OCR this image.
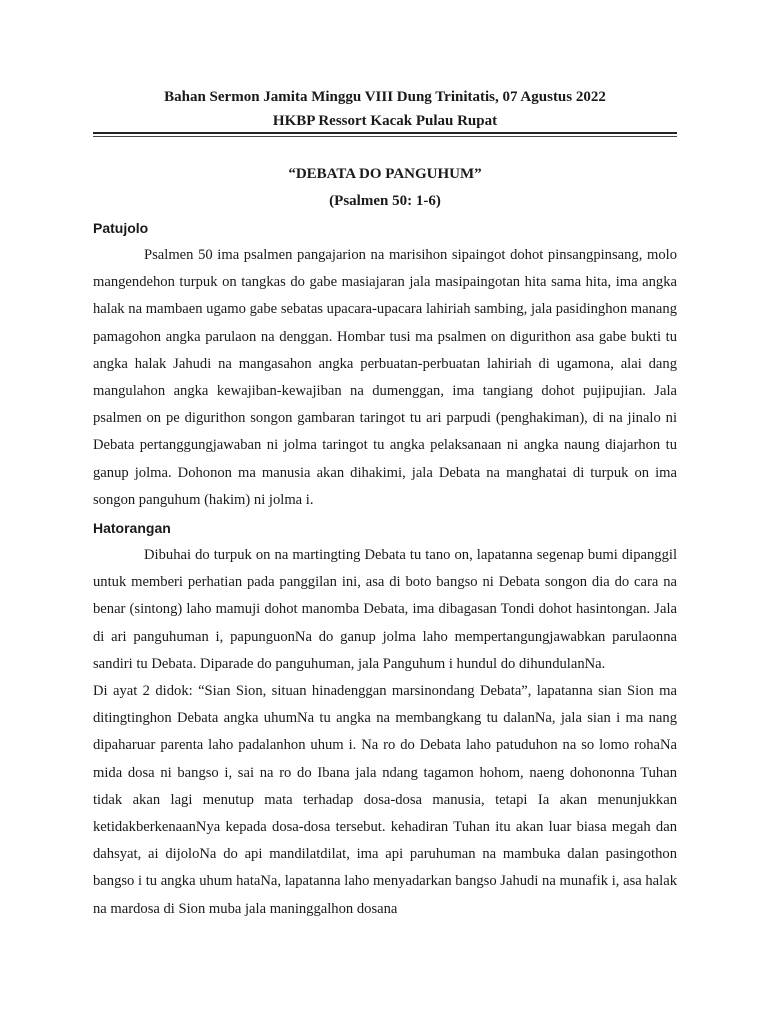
Bahan Sermon Jamita Minggu VIII Dung Trinitatis, 07 Agustus 2022

HKBP Ressort Kacak Pulau Rupat

“DEBATA DO PANGUHUM”

(Psalmen 50: 1-6)

Patujolo

Psalmen 50 ima psalmen pangajarion na marisihon sipaingot dohot pinsangpinsang, molo mangendehon turpuk on tangkas do gabe masiajaran jala masipaingotan hita sama hita, ima angka halak na mambaen ugamo gabe sebatas upacara-upacara lahiriah sambing, jala pasidinghon manang pamagohon angka parulaon na denggan. Hombar tusi ma psalmen on digurithon asa gabe bukti tu angka halak Jahudi na mangasahon angka perbuatan-perbuatan lahiriah di ugamona, alai dang mangulahon angka kewajiban-kewajiban na dumenggan, ima tangiang dohot pujipujian. Jala psalmen on pe digurithon songon gambaran taringot tu ari parpudi (penghakiman), di na jinalo ni Debata pertanggungjawaban ni jolma taringot tu angka pelaksanaan ni angka naung diajarhon tu ganup jolma. Dohonon ma manusia akan dihakimi, jala Debata na manghatai di turpuk on ima songon panguhum (hakim) ni jolma i.

Hatorangan

Dibuhai do turpuk on na martingting Debata tu tano on, lapatanna segenap bumi dipanggil untuk memberi perhatian pada panggilan ini, asa di boto bangso ni Debata songon dia do cara na benar (sintong) laho mamuji dohot manomba Debata, ima dibagasan Tondi dohot hasintongan. Jala di ari panguhuman i, papunguonNa do ganup jolma laho mempertangungjawabkan parulaonna sandiri tu Debata. Diparade do panguhuman, jala Panguhum i hundul do dihundulanNa.

Di ayat 2 didok: “Sian Sion, situan hinadenggan marsinondang Debata”, lapatanna sian Sion ma ditingtinghon Debata angka uhumNa tu angka na membangkang tu dalanNa, jala sian i ma nang dipaharuar parenta laho padalanhon uhum i. Na ro do Debata laho patuduhon na so lomo rohaNa mida dosa ni bangso i, sai na ro do Ibana jala ndang tagamon hohom, naeng dohononna Tuhan tidak akan lagi menutup mata terhadap dosa-dosa manusia, tetapi Ia akan menunjukkan ketidakberkenaanNya kepada dosa-dosa tersebut. kehadiran Tuhan itu akan luar biasa megah dan dahsyat, ai dijoloNa do api mandilatdilat, ima api paruhuman na mambuka dalan pasingothon bangso i tu angka uhum hataNa, lapatanna laho menyadarkan bangso Jahudi na munafik i, asa halak na mardosa di Sion muba jala maninggalhon dosana
